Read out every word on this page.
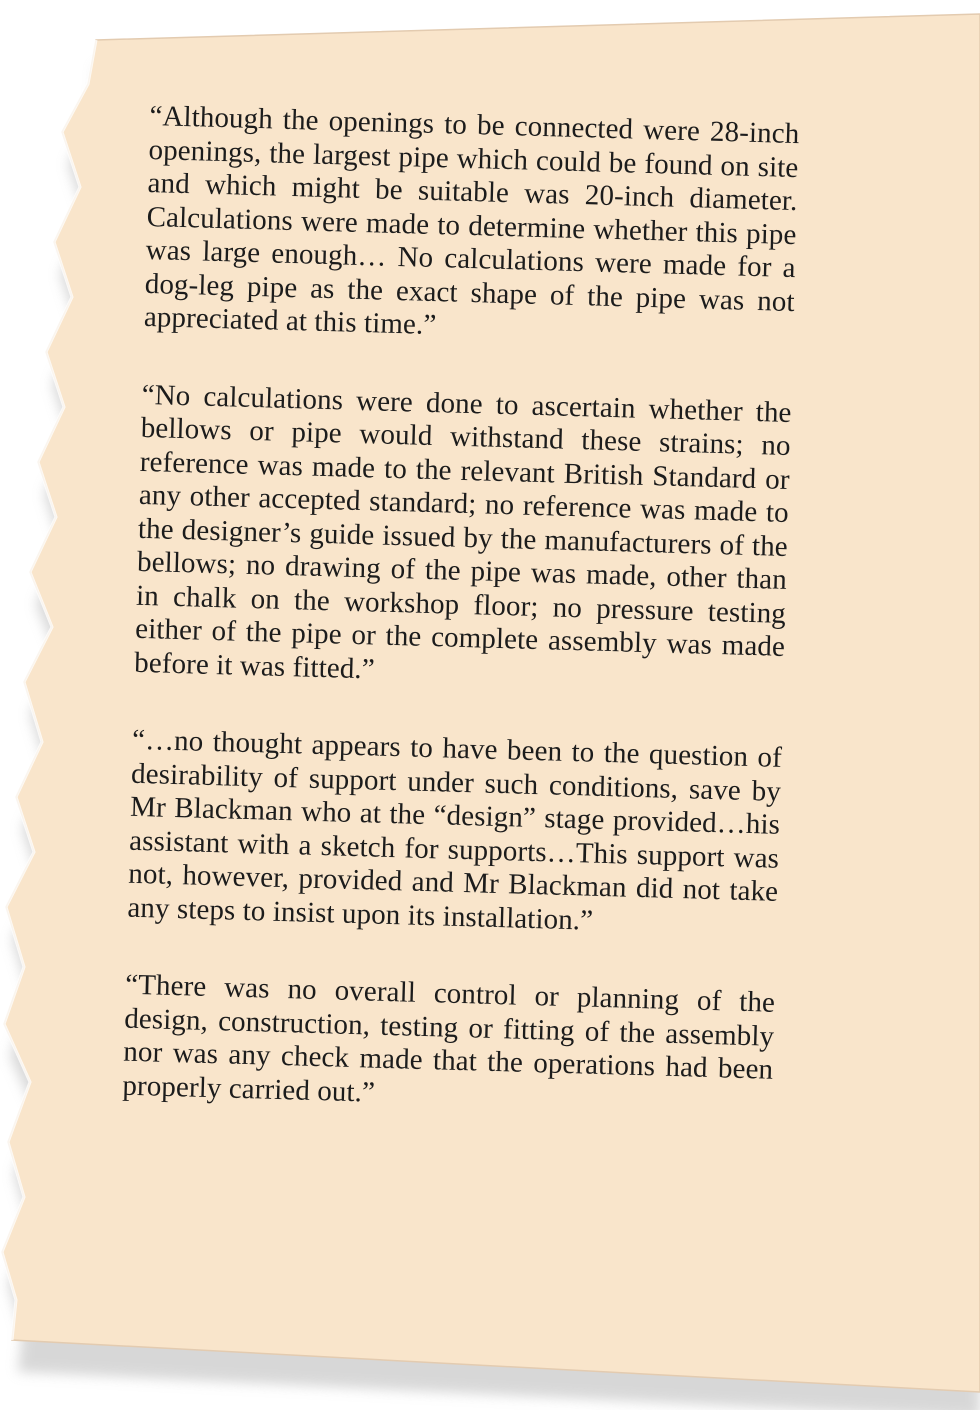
“Although the openings to be connected were 28-inch openings, the largest pipe which could be found on site and which might be suitable was 20-inch diameter. Calculations were made to determine whether this pipe was large enough… No calculations were made for a dog-leg pipe as the exact shape of the pipe was not appreciated at this time.”

“No calculations were done to ascertain whether the bellows or pipe would withstand these strains; no reference was made to the relevant British Standard or any other accepted standard; no reference was made to the designer’s guide issued by the manufacturers of the bellows; no drawing of the pipe was made, other than in chalk on the workshop floor; no pressure testing either of the pipe or the complete assembly was made before it was fitted.”

“…no thought appears to have been to the question of desirability of support under such conditions, save by Mr Blackman who at the “design” stage provided…his assistant with a sketch for supports…This support was not, however, provided and Mr Blackman did not take any steps to insist upon its installation.”

“There was no overall control or planning of the design, construction, testing or fitting of the assembly nor was any check made that the operations had been properly carried out.”
